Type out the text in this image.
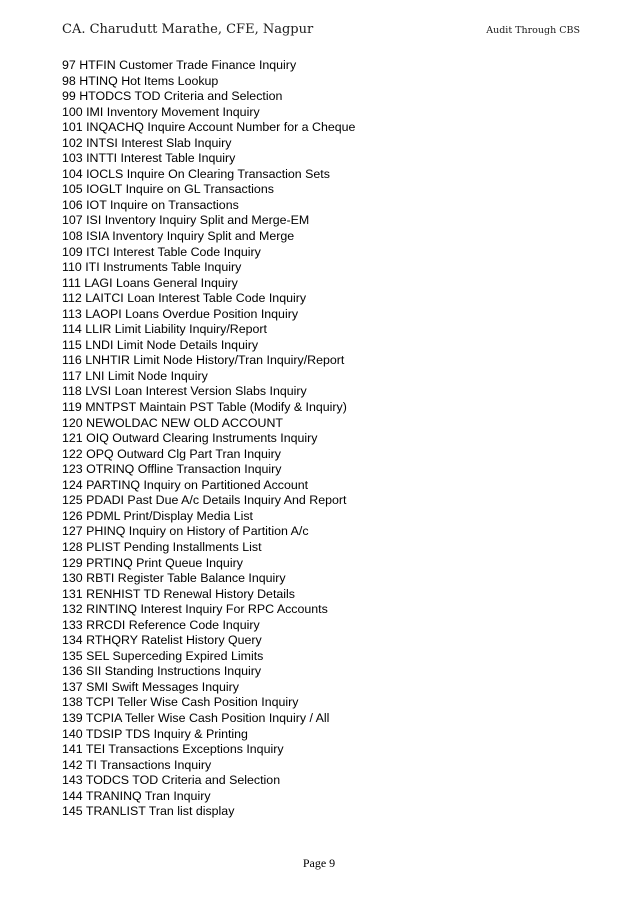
CA. Charudutt Marathe, CFE, Nagpur	Audit Through CBS
97 HTFIN Customer Trade Finance Inquiry
98 HTINQ Hot Items Lookup
99 HTODCS TOD Criteria and Selection
100 IMI Inventory Movement Inquiry
101 INQACHQ Inquire Account Number for a Cheque
102 INTSI Interest Slab Inquiry
103 INTTI Interest Table Inquiry
104 IOCLS Inquire On Clearing Transaction Sets
105 IOGLT Inquire on GL Transactions
106 IOT Inquire on Transactions
107 ISI Inventory Inquiry Split and Merge-EM
108 ISIA Inventory Inquiry Split and Merge
109 ITCI Interest Table Code Inquiry
110 ITI Instruments Table Inquiry
111 LAGI Loans General Inquiry
112 LAITCI Loan Interest Table Code Inquiry
113 LAOPI Loans Overdue Position Inquiry
114 LLIR Limit Liability Inquiry/Report
115 LNDI Limit Node Details Inquiry
116 LNHTIR Limit Node History/Tran Inquiry/Report
117 LNI Limit Node Inquiry
118 LVSI Loan Interest Version Slabs Inquiry
119 MNTPST Maintain PST Table (Modify & Inquiry)
120 NEWOLDAC NEW OLD ACCOUNT
121 OIQ Outward Clearing Instruments Inquiry
122 OPQ Outward Clg Part Tran Inquiry
123 OTRINQ Offline Transaction Inquiry
124 PARTINQ Inquiry on Partitioned Account
125 PDADI Past Due A/c Details Inquiry And Report
126 PDML Print/Display Media List
127 PHINQ Inquiry on History of Partition A/c
128 PLIST Pending Installments List
129 PRTINQ Print Queue Inquiry
130 RBTI Register Table Balance Inquiry
131 RENHIST TD Renewal History Details
132 RINTINQ Interest Inquiry For RPC Accounts
133 RRCDI Reference Code Inquiry
134 RTHQRY Ratelist History Query
135 SEL Superceding Expired Limits
136 SII Standing Instructions Inquiry
137 SMI Swift Messages Inquiry
138 TCPI Teller Wise Cash Position Inquiry
139 TCPIA Teller Wise Cash Position Inquiry / All
140 TDSIP TDS Inquiry & Printing
141 TEI Transactions Exceptions Inquiry
142 TI Transactions Inquiry
143 TODCS TOD Criteria and Selection
144 TRANINQ Tran Inquiry
145 TRANLIST Tran list display
Page 9
